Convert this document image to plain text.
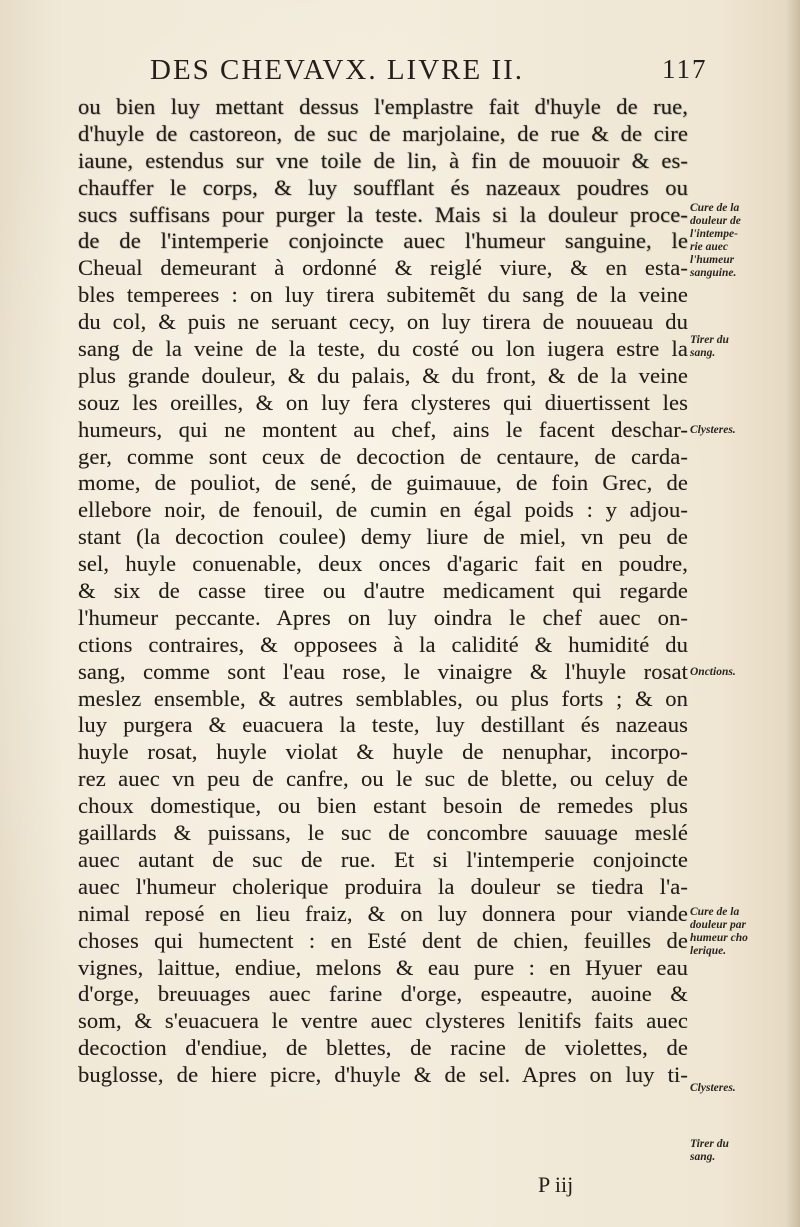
DES CHEVAVX. LIVRE II.	117
ou bien luy mettant dessus l'emplastre fait d'huyle de rue,
d'huyle de castoreon, de suc de marjolaine, de rue & de cire
iaune, estendus sur vne toile de lin, à fin de mouuoir & es-
chauffer le corps, & luy soufflant és nazeaux poudres ou
sucs suffisans pour purger la teste. Mais si la douleur proce-
de de l'intemperie conjoincte auec l'humeur sanguine, le
Cheual demeurant à ordonné & reiglé viure, & en esta-
bles temperees : on luy tirera subitemẽt du sang de la veine
du col, & puis ne seruant cecy, on luy tirera de nouueau du
sang de la veine de la teste, du costé ou lon iugera estre la
plus grande douleur, & du palais, & du front, & de la veine
souz les oreilles, & on luy fera clysteres qui diuertissent les
humeurs, qui ne montent au chef, ains le facent deschar-
ger, comme sont ceux de decoction de centaure, de carda-
mome, de pouliot, de sené, de guimauue, de foin Grec, de
ellebore noir, de fenouil, de cumin en égal poids : y adjou-
stant (la decoction coulee) demy liure de miel, vn peu de
sel, huyle conuenable, deux onces d'agaric fait en poudre,
& six de casse tiree ou d'autre medicament qui regarde
l'humeur peccante. Apres on luy oindra le chef auec on-
ctions contraires, & opposees à la calidité & humidité du
sang, comme sont l'eau rose, le vinaigre & l'huyle rosat
meslez ensemble, & autres semblables, ou plus forts ; & on
luy purgera & euacuera la teste, luy destillant és nazeaus
huyle rosat, huyle violat & huyle de nenuphar, incorpo-
rez auec vn peu de canfre, ou le suc de blette, ou celuy de
choux domestique, ou bien estant besoin de remedes plus
gaillards & puissans, le suc de concombre sauuage meslé
auec autant de suc de rue. Et si l'intemperie conjoincte
auec l'humeur cholerique produira la douleur se tiedra l'a-
nimal reposé en lieu fraiz, & on luy donnera pour viande
choses qui humectent : en Esté dent de chien, feuilles de
vignes, laittue, endiue, melons & eau pure : en Hyuer eau
d'orge, breuuages auec farine d'orge, espeautre, auoine &
som, & s'euacuera le ventre auec clysteres lenitifs faits auec
decoction d'endiue, de blettes, de racine de violettes, de
buglosse, de hiere picre, d'huyle & de sel. Apres on luy ti-
Cure de la
douleur de
l'intempe-
rie auec
l'humeur
sanguine.
Tirer du
sang.
Clysteres.
Onctions.
Cure de la
douleur par
humeur cho
lerique.
Clysteres.
Tirer du
sang.
P iij
